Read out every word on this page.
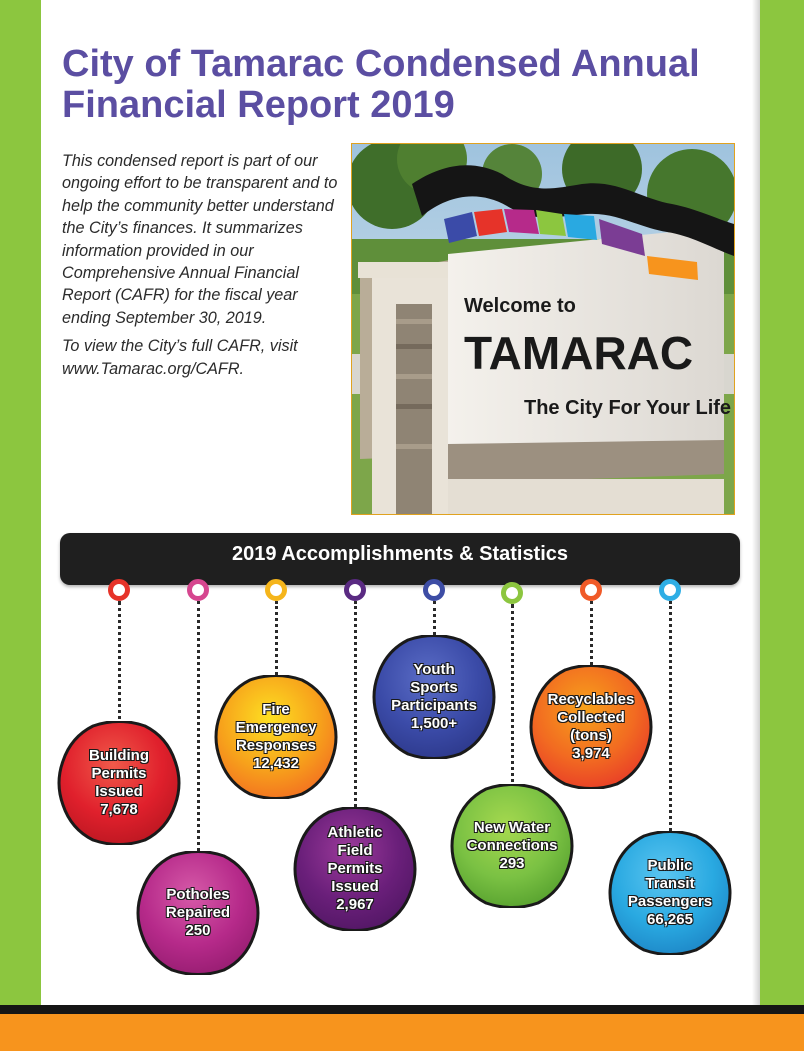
City of Tamarac Condensed Annual Financial Report 2019

This condensed report is part of our ongoing effort to be transparent and to help the community better understand the City’s finances. It summarizes information provided in our Comprehensive Annual Financial Report (CAFR) for the fiscal year ending September 30, 2019.

To view the City’s full CAFR, visit www.Tamarac.org/CAFR.

Welcome to
TAMARAC
The City For Your Life
2019 Accomplishments & Statistics
Building
Permits
Issued
7,678
Potholes
Repaired
250
Fire
Emergency
Responses
12,432
Athletic
Field
Permits
Issued
2,967
Youth
Sports
Participants
1,500+
New Water
Connections
293
Recyclables
Collected
(tons)
3,974
Public
Transit
Passengers
66,265
